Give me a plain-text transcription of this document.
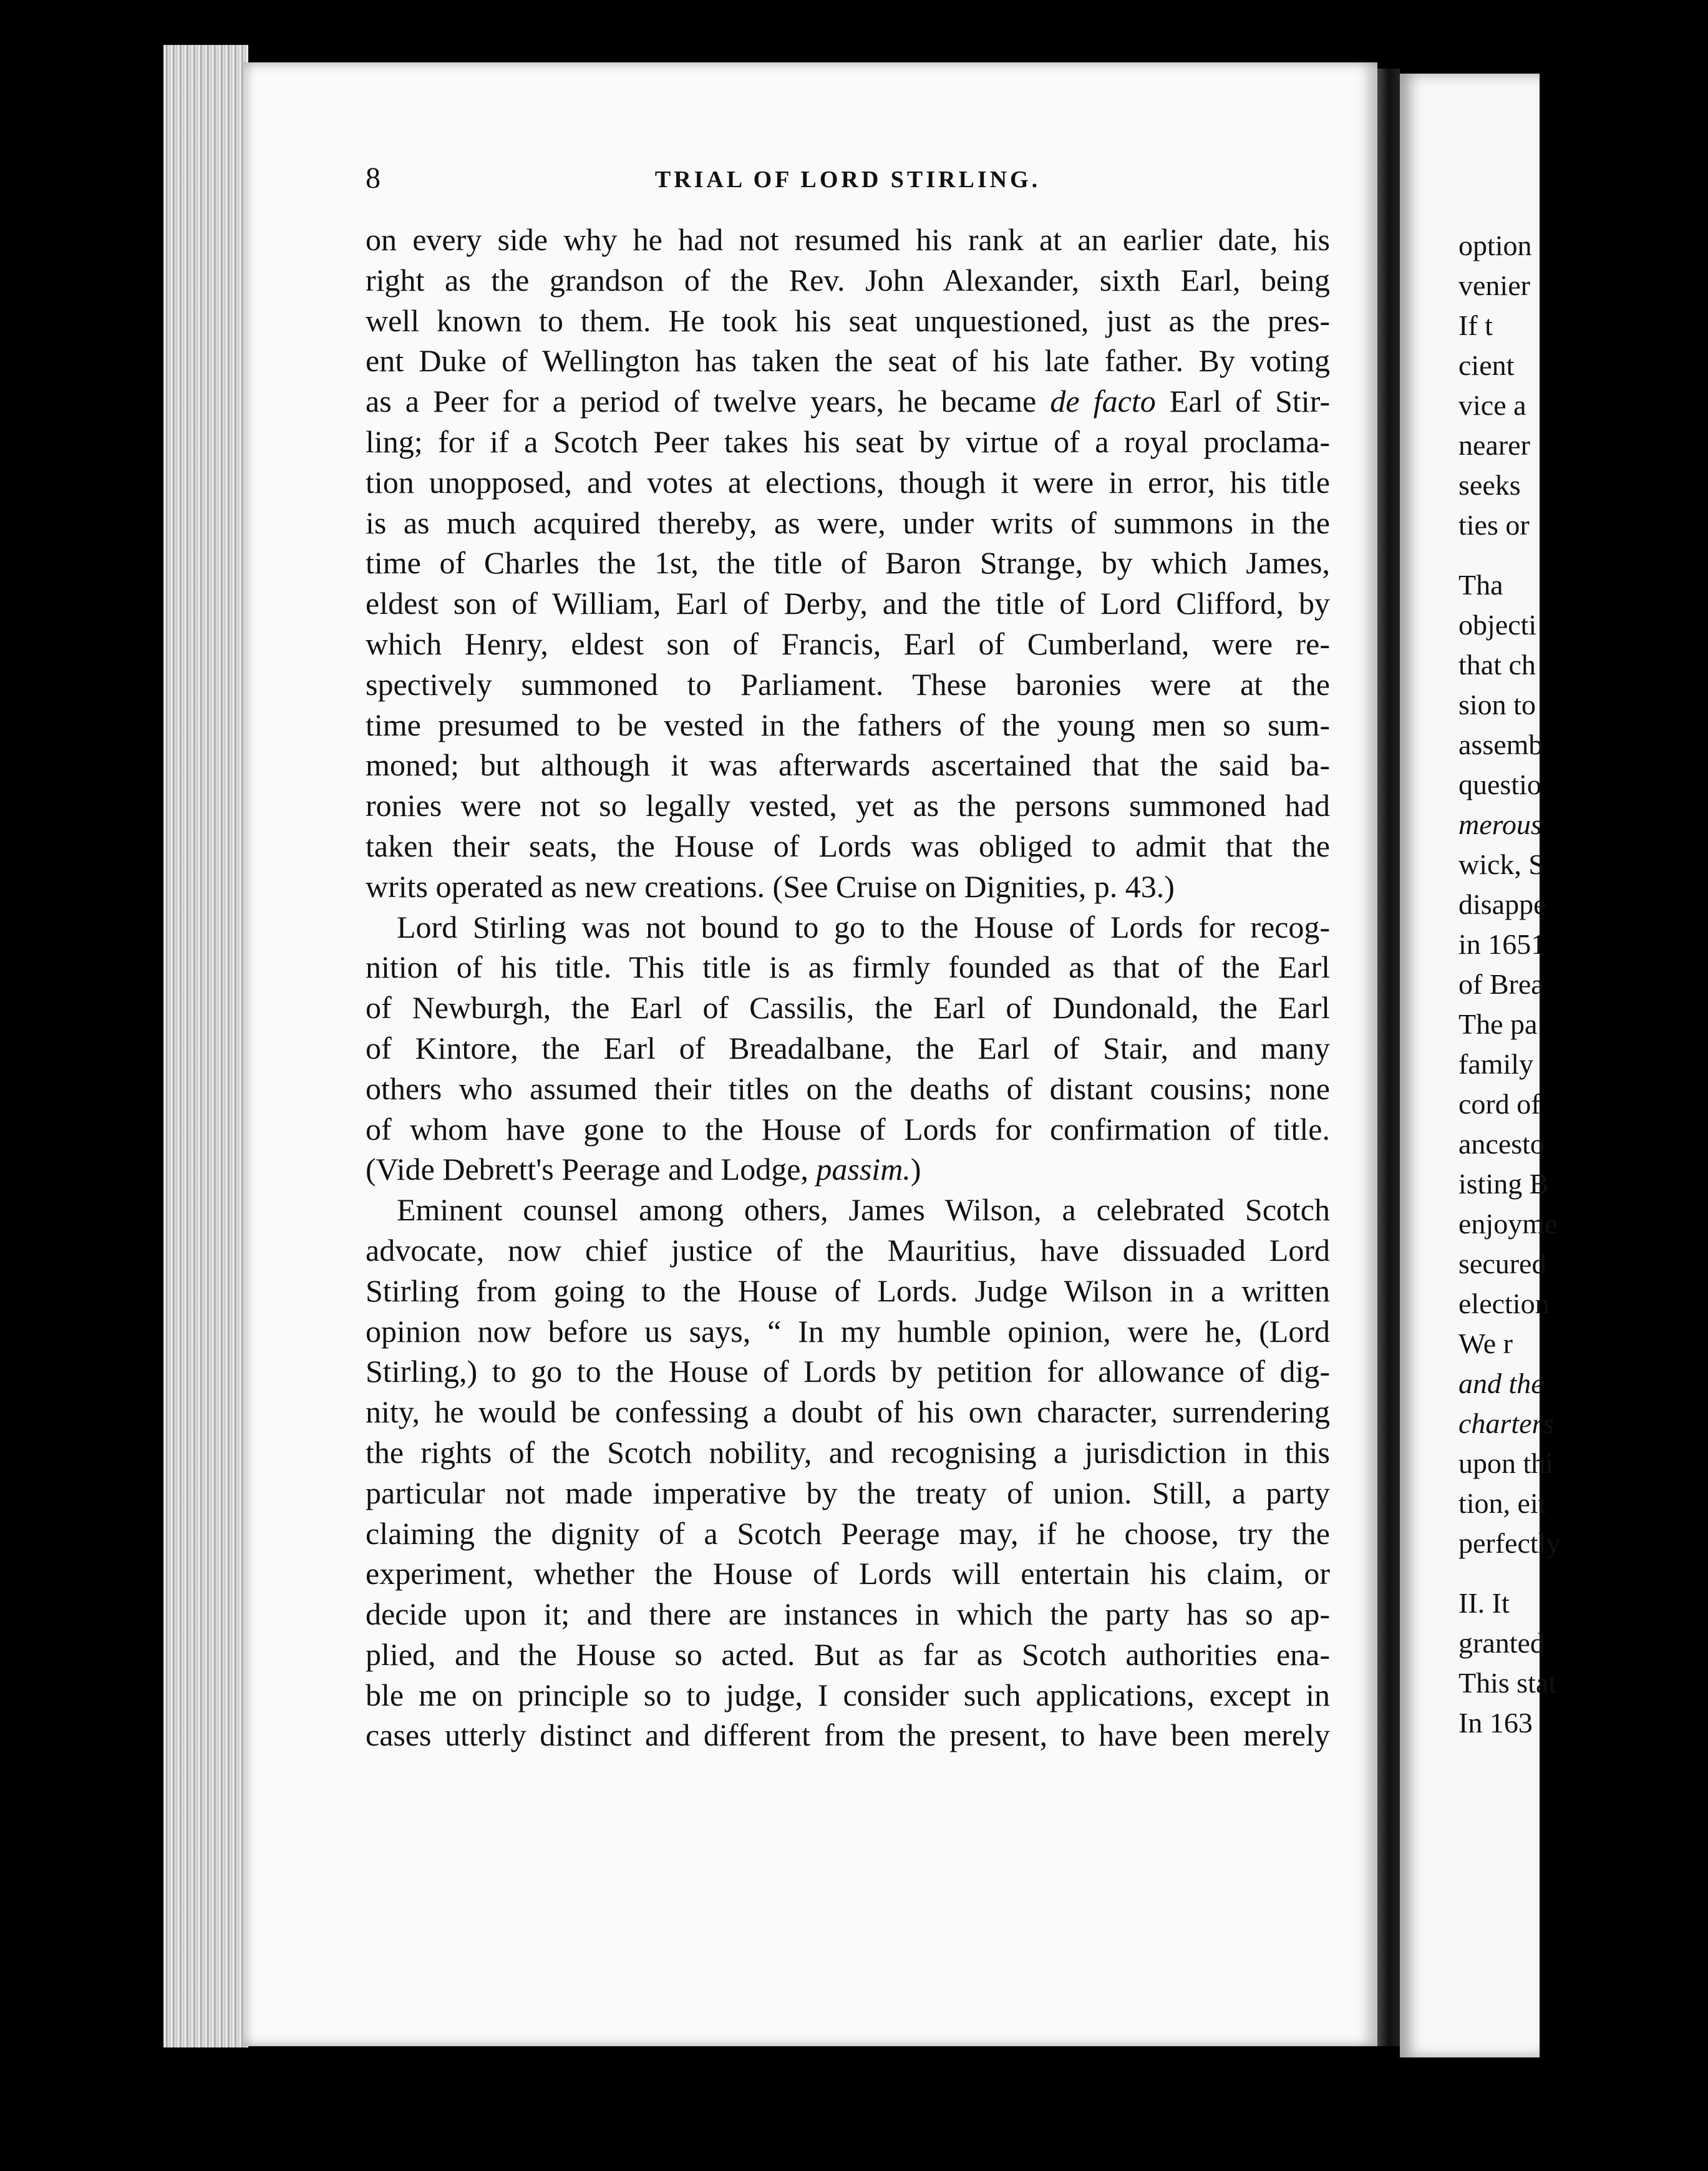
option
venier
If t
cient
vice a
nearer
seeks
ties or
Tha
objecti
that ch
sion to
assemb
questio
merous
wick, S
disappe
in 1651
of Brea
The pa
family
cord of
ancesto
isting B
enjoyme
secured
election
We r
and the
charters
upon thi
tion, eit
perfectly
II. It
granted
This stat
In 163
8	TRIAL OF LORD STIRLING.
on every side why he had not resumed his rank at an earlier date, his
right as the grandson of the Rev. John Alexander, sixth Earl, being
well known to them. He took his seat unquestioned, just as the pres-
ent Duke of Wellington has taken the seat of his late father. By voting
as a Peer for a period of twelve years, he became de facto Earl of Stir-
ling; for if a Scotch Peer takes his seat by virtue of a royal proclama-
tion unopposed, and votes at elections, though it were in error, his title
is as much acquired thereby, as were, under writs of summons in the
time of Charles the 1st, the title of Baron Strange, by which James,
eldest son of William, Earl of Derby, and the title of Lord Clifford, by
which Henry, eldest son of Francis, Earl of Cumberland, were re-
spectively summoned to Parliament. These baronies were at the
time presumed to be vested in the fathers of the young men so sum-
moned; but although it was afterwards ascertained that the said ba-
ronies were not so legally vested, yet as the persons summoned had
taken their seats, the House of Lords was obliged to admit that the
writs operated as new creations. (See Cruise on Dignities, p. 43.)
Lord Stirling was not bound to go to the House of Lords for recog-
nition of his title. This title is as firmly founded as that of the Earl
of Newburgh, the Earl of Cassilis, the Earl of Dundonald, the Earl
of Kintore, the Earl of Breadalbane, the Earl of Stair, and many
others who assumed their titles on the deaths of distant cousins; none
of whom have gone to the House of Lords for confirmation of title.
(Vide Debrett's Peerage and Lodge, passim.)
Eminent counsel among others, James Wilson, a celebrated Scotch
advocate, now chief justice of the Mauritius, have dissuaded Lord
Stirling from going to the House of Lords. Judge Wilson in a written
opinion now before us says, “ In my humble opinion, were he, (Lord
Stirling,) to go to the House of Lords by petition for allowance of dig-
nity, he would be confessing a doubt of his own character, surrendering
the rights of the Scotch nobility, and recognising a jurisdiction in this
particular not made imperative by the treaty of union. Still, a party
claiming the dignity of a Scotch Peerage may, if he choose, try the
experiment, whether the House of Lords will entertain his claim, or
decide upon it; and there are instances in which the party has so ap-
plied, and the House so acted. But as far as Scotch authorities ena-
ble me on principle so to judge, I consider such applications, except in
cases utterly distinct and different from the present, to have been merely
